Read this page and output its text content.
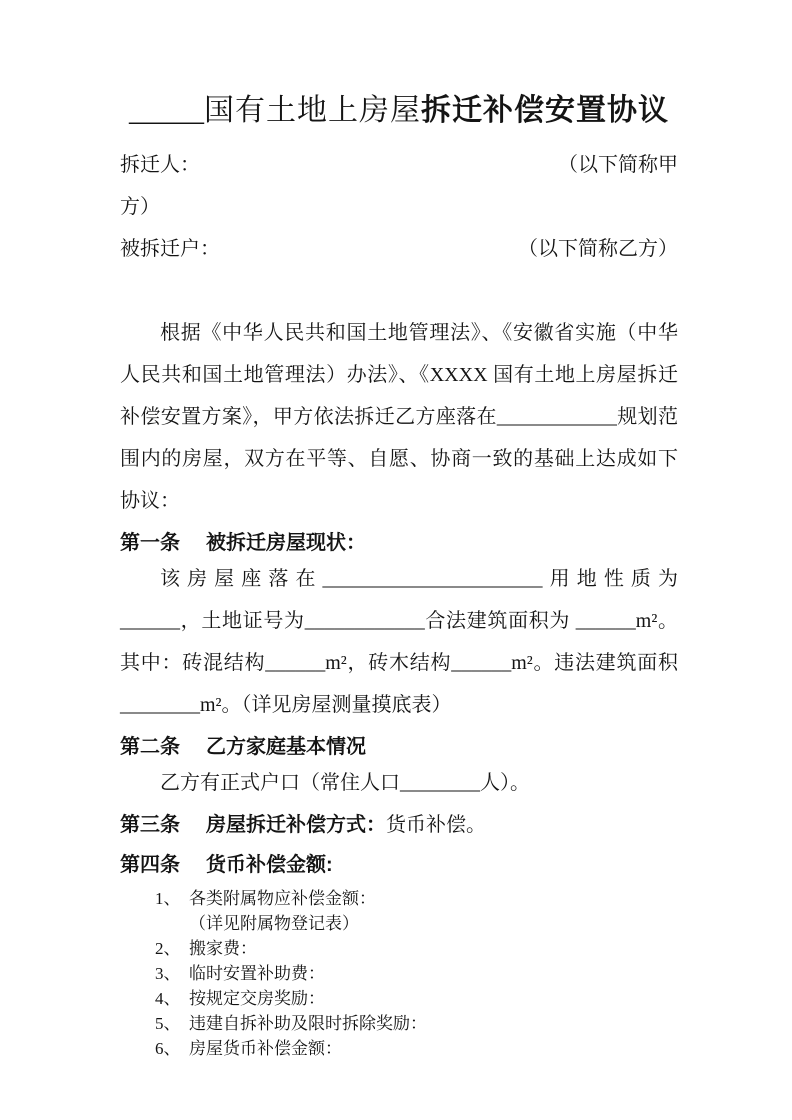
_____国有土地上房屋拆迁补偿安置协议
拆迁人：	（以下简称甲
方）
被拆迁户：	（以下简称乙方）

根据《中华人民共和国土地管理法》、《安徽省实施（中华人民共和国土地管理法）办法》、《XXXX 国有土地上房屋拆迁补偿安置方案》，甲方依法拆迁乙方座落在____________规划范围内的房屋，双方在平等、自愿、协商一致的基础上达成如下协议：

第一条 被拆迁房屋现状：

该房屋座落在______________________用地性质为______，土地证号为____________合法建筑面积为 ______m²。其中：砖混结构______m²，砖木结构______m²。违法建筑面积________m²。（详见房屋测量摸底表）

第二条 乙方家庭基本情况

乙方有正式户口（常住人口________人）。

第三条 房屋拆迁补偿方式：货币补偿。
第四条 货币补偿金额:
1、 各类附属物应补偿金额：
（详见附属物登记表）
2、 搬家费：
3、 临时安置补助费：
4、 按规定交房奖励：
5、 违建自拆补助及限时拆除奖励：
6、 房屋货币补偿金额：
